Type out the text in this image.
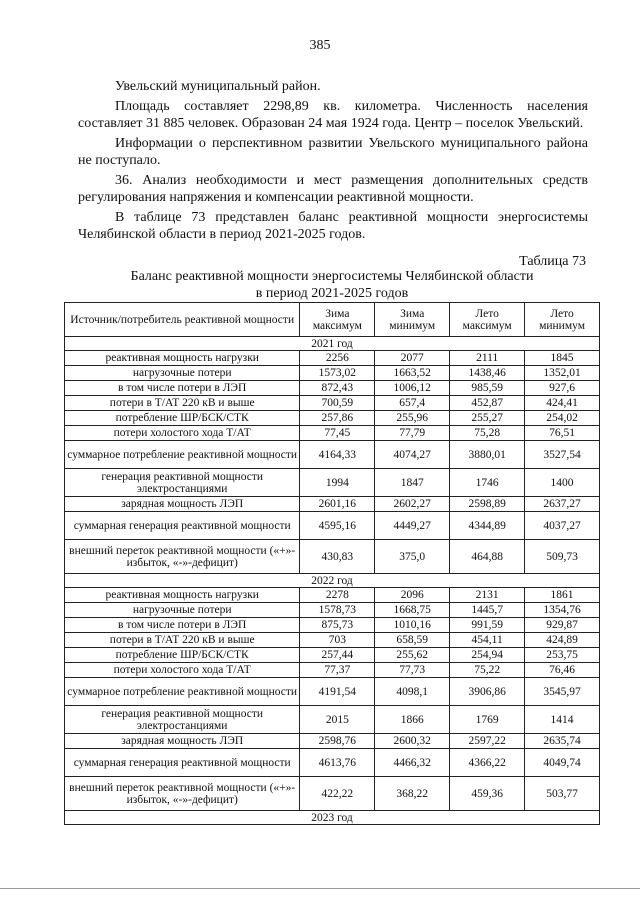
385

Увельский муниципальный район.

Площадь составляет 2298,89 кв. километра. Численность населения составляет 31 885 человек. Образован 24 мая 1924 года. Центр – поселок Увельский.

Информации о перспективном развитии Увельского муниципального района не поступало.

36. Анализ необходимости и мест размещения дополнительных средств регулирования напряжения и компенсации реактивной мощности.

В таблице 73 представлен баланс реактивной мощности энергосистемы Челябинской области в период 2021-2025 годов.

Таблица 73
Баланс реактивной мощности энергосистемы Челябинской области
в период 2021-2025 годов
Источник/потребитель реактивной мощности	Зима максимум	Зима минимум	Лето максимум	Лето минимум
2021 год				
реактивная мощность нагрузки	2256	2077	2111	1845
нагрузочные потери	1573,02	1663,52	1438,46	1352,01
в том числе потери в ЛЭП	872,43	1006,12	985,59	927,6
потери в Т/АТ 220 кВ и выше	700,59	657,4	452,87	424,41
потребление ШР/БСК/СТК	257,86	255,96	255,27	254,02
потери холостого хода Т/АТ	77,45	77,79	75,28	76,51
суммарное потребление реактивной мощности	4164,33	4074,27	3880,01	3527,54
генерация реактивной мощности электростанциями	1994	1847	1746	1400
зарядная мощность ЛЭП	2601,16	2602,27	2598,89	2637,27
суммарная генерация реактивной мощности	4595,16	4449,27	4344,89	4037,27
внешний переток реактивной мощности («+»-избыток, «-»-дефицит)	430,83	375,0	464,88	509,73
2022 год				
реактивная мощность нагрузки	2278	2096	2131	1861
нагрузочные потери	1578,73	1668,75	1445,7	1354,76
в том числе потери в ЛЭП	875,73	1010,16	991,59	929,87
потери в Т/АТ 220 кВ и выше	703	658,59	454,11	424,89
потребление ШР/БСК/СТК	257,44	255,62	254,94	253,75
потери холостого хода Т/АТ	77,37	77,73	75,22	76,46
суммарное потребление реактивной мощности	4191,54	4098,1	3906,86	3545,97
генерация реактивной мощности электростанциями	2015	1866	1769	1414
зарядная мощность ЛЭП	2598,76	2600,32	2597,22	2635,74
суммарная генерация реактивной мощности	4613,76	4466,32	4366,22	4049,74
внешний переток реактивной мощности («+»-избыток, «-»-дефицит)	422,22	368,22	459,36	503,77
2023 год				
